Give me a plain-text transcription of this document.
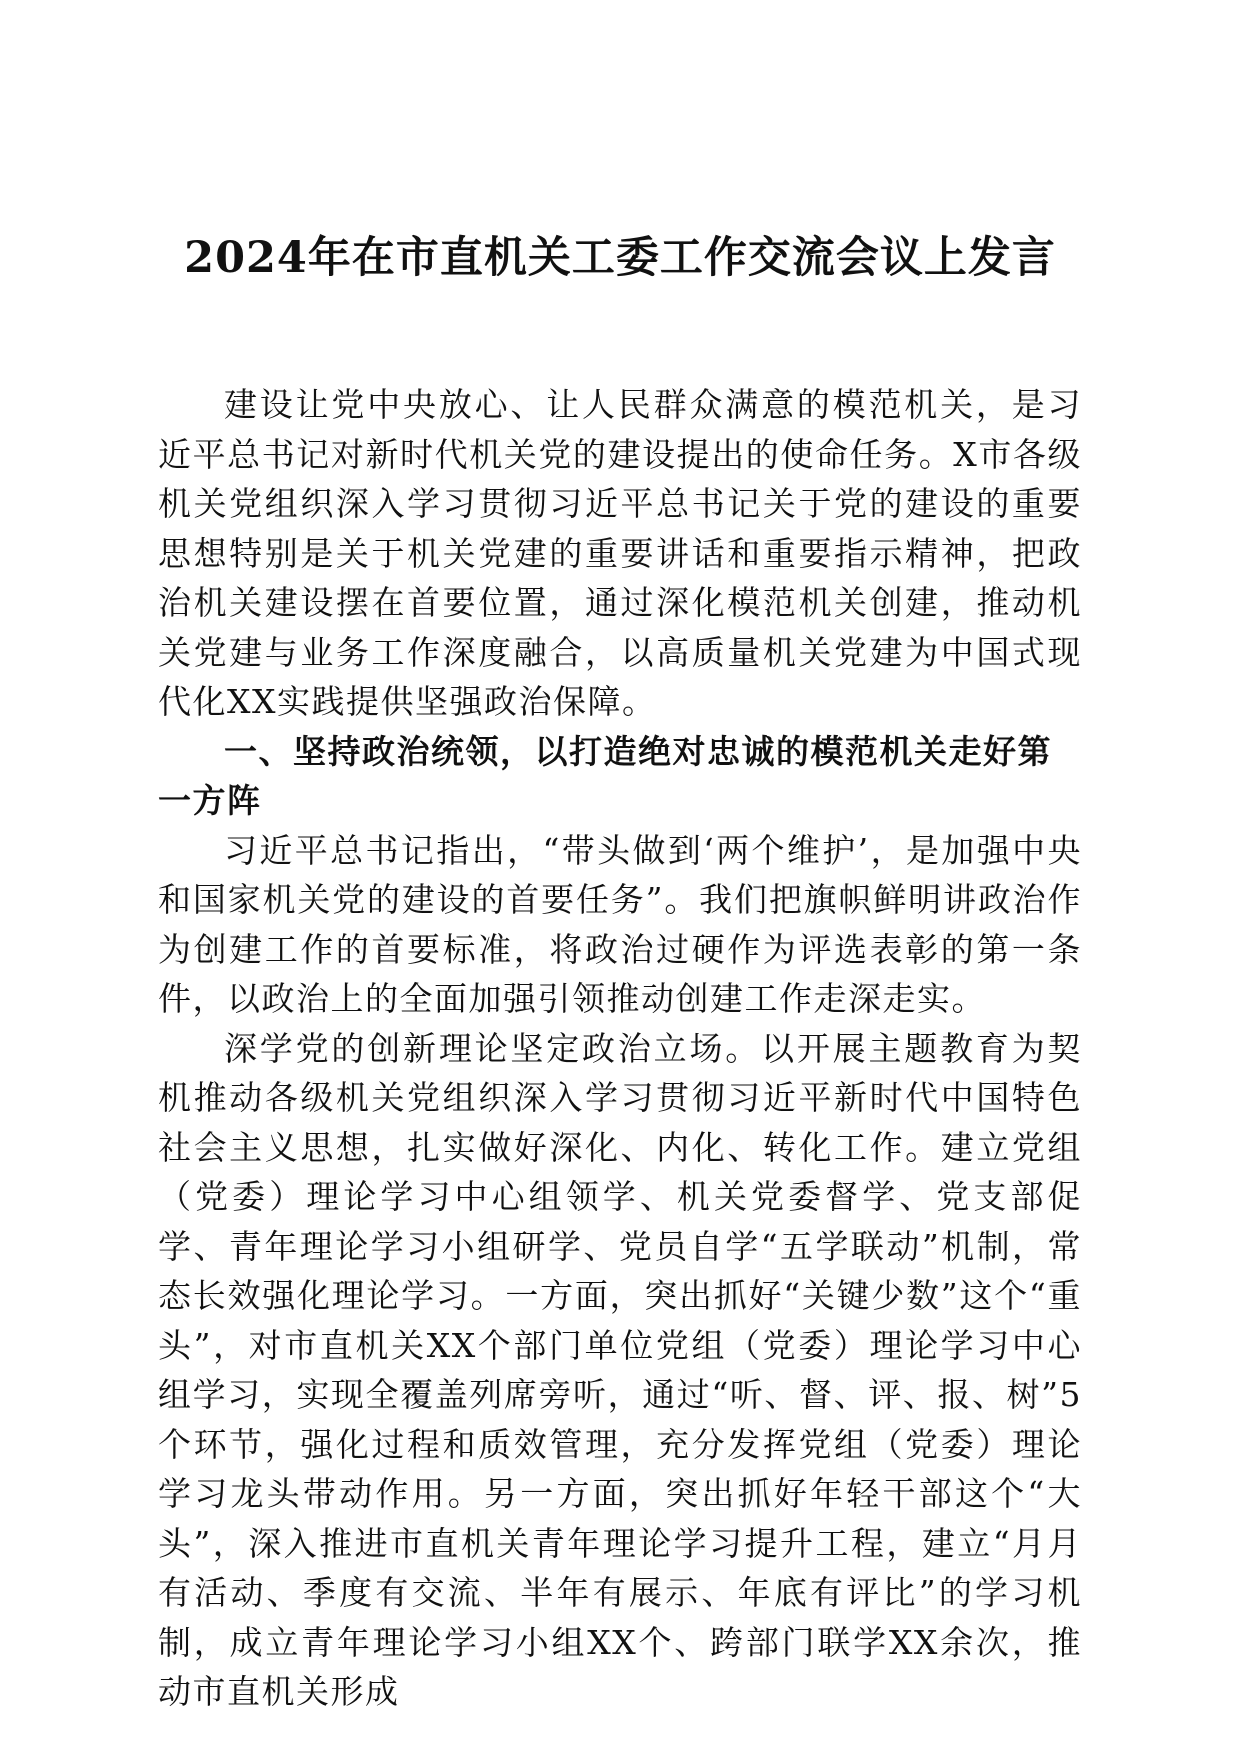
2024年在市直机关工委工作交流会议上发言

建设让党中央放心、让人民群众满意的模范机关，是习近平总书记对新时代机关党的建设提出的使命任务。X市各级机关党组织深入学习贯彻习近平总书记关于党的建设的重要思想特别是关于机关党建的重要讲话和重要指示精神，把政治机关建设摆在首要位置，通过深化模范机关创建，推动机关党建与业务工作深度融合，以高质量机关党建为中国式现代化XX实践提供坚强政治保障。

一、坚持政治统领，以打造绝对忠诚的模范机关走好第一方阵

习近平总书记指出，“带头做到‘两个维护’，是加强中央和国家机关党的建设的首要任务”。我们把旗帜鲜明讲政治作为创建工作的首要标准，将政治过硬作为评选表彰的第一条件，以政治上的全面加强引领推动创建工作走深走实。

深学党的创新理论坚定政治立场。以开展主题教育为契机推动各级机关党组织深入学习贯彻习近平新时代中国特色社会主义思想，扎实做好深化、内化、转化工作。建立党组（党委）理论学习中心组领学、机关党委督学、党支部促学、青年理论学习小组研学、党员自学“五学联动”机制，常态长效强化理论学习。一方面，突出抓好“关键少数”这个“重头”，对市直机关XX个部门单位党组（党委）理论学习中心组学习，实现全覆盖列席旁听，通过“听、督、评、报、树”5个环节，强化过程和质效管理，充分发挥党组（党委）理论学习龙头带动作用。另一方面，突出抓好年轻干部这个“大头”，深入推进市直机关青年理论学习提升工程，建立“月月有活动、季度有交流、半年有展示、年底有评比”的学习机制，成立青年理论学习小组XX个、跨部门联学XX余次，推动市直机关形成
